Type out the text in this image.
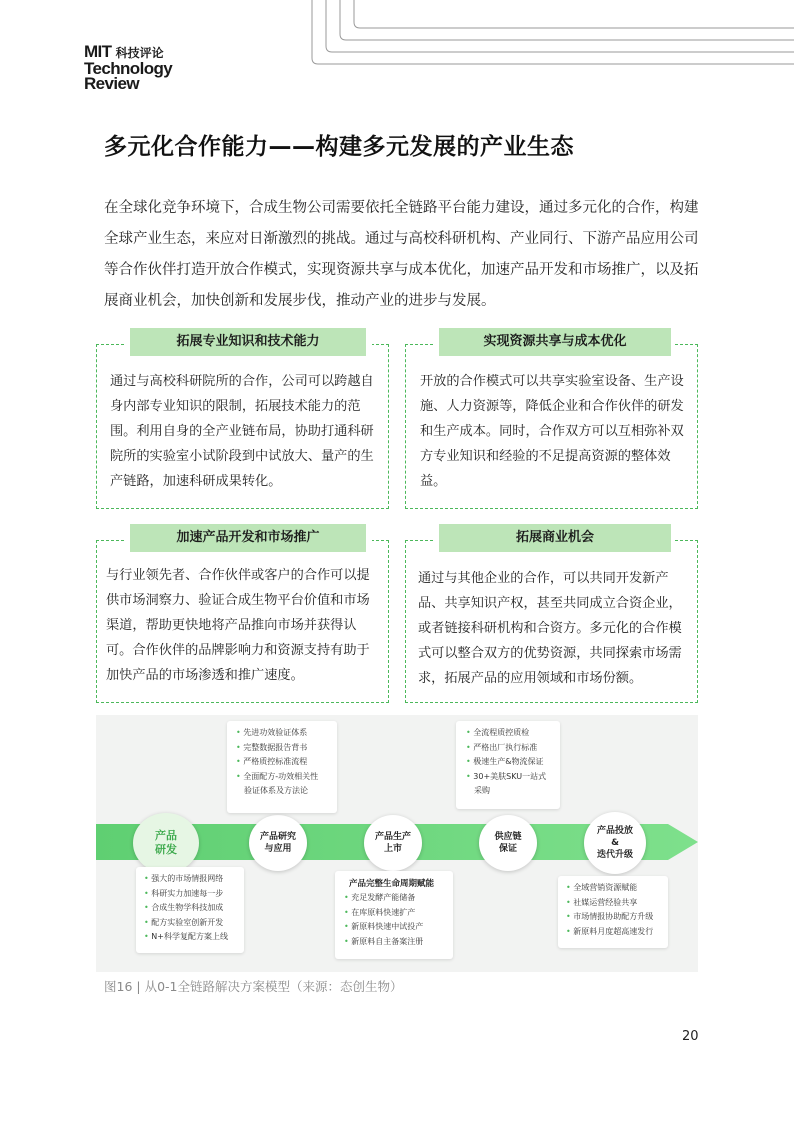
MIT 科技评论
Technology
Review
多元化合作能力——构建多元发展的产业生态
在全球化竞争环境下，合成生物公司需要依托全链路平台能力建设，通过多元化的合作，构建全球产业生态，来应对日渐激烈的挑战。通过与高校科研机构、产业同行、下游产品应用公司等合作伙伴打造开放合作模式，实现资源共享与成本优化，加速产品开发和市场推广，以及拓展商业机会，加快创新和发展步伐，推动产业的进步与发展。
拓展专业知识和技术能力
通过与高校科研院所的合作，公司可以跨越自身内部专业知识的限制，拓展技术能力的范围。利用自身的全产业链布局，协助打通科研院所的实验室小试阶段到中试放大、量产的生产链路，加速科研成果转化。
实现资源共享与成本优化
开放的合作模式可以共享实验室设备、生产设施、人力资源等，降低企业和合作伙伴的研发和生产成本。同时，合作双方可以互相弥补双方专业知识和经验的不足提高资源的整体效益。
加速产品开发和市场推广
与行业领先者、合作伙伴或客户的合作可以提供市场洞察力、验证合成生物平台价值和市场渠道，帮助更快地将产品推向市场并获得认可。合作伙伴的品牌影响力和资源支持有助于加快产品的市场渗透和推广速度。
拓展商业机会
通过与其他企业的合作，可以共同开发新产品、共享知识产权，甚至共同成立合资企业，或者链接科研机构和合资方。多元化的合作模式可以整合双方的优势资源，共同探索市场需求，拓展产品的应用领域和市场份额。
产品
研发
产品研究
与应用
产品生产
上市
供应链
保证
产品投放
&
迭代升级
• 先进功效验证体系
• 完整数据报告背书
• 严格质控标准流程
• 全面配方-功效相关性
验证体系及方法论
• 全流程质控质检
• 严格出厂执行标准
• 极速生产&物流保证
• 30+美肤SKU一站式
采购
• 强大的市场情报网络
• 科研实力加速每一步
• 合成生物学科技加成
• 配方实验室创新开发
• N+科学复配方案上线
产品完整生命周期赋能
• 充足发酵产能储备
• 在库原料快速扩产
• 新原料快速中试投产
• 新原料自主备案注册
• 全域营销资源赋能
• 社媒运营经验共享
• 市场情报协助配方升级
• 新原料月度超高速发行
图16 | 从0-1全链路解决方案模型（来源：态创生物）
20
